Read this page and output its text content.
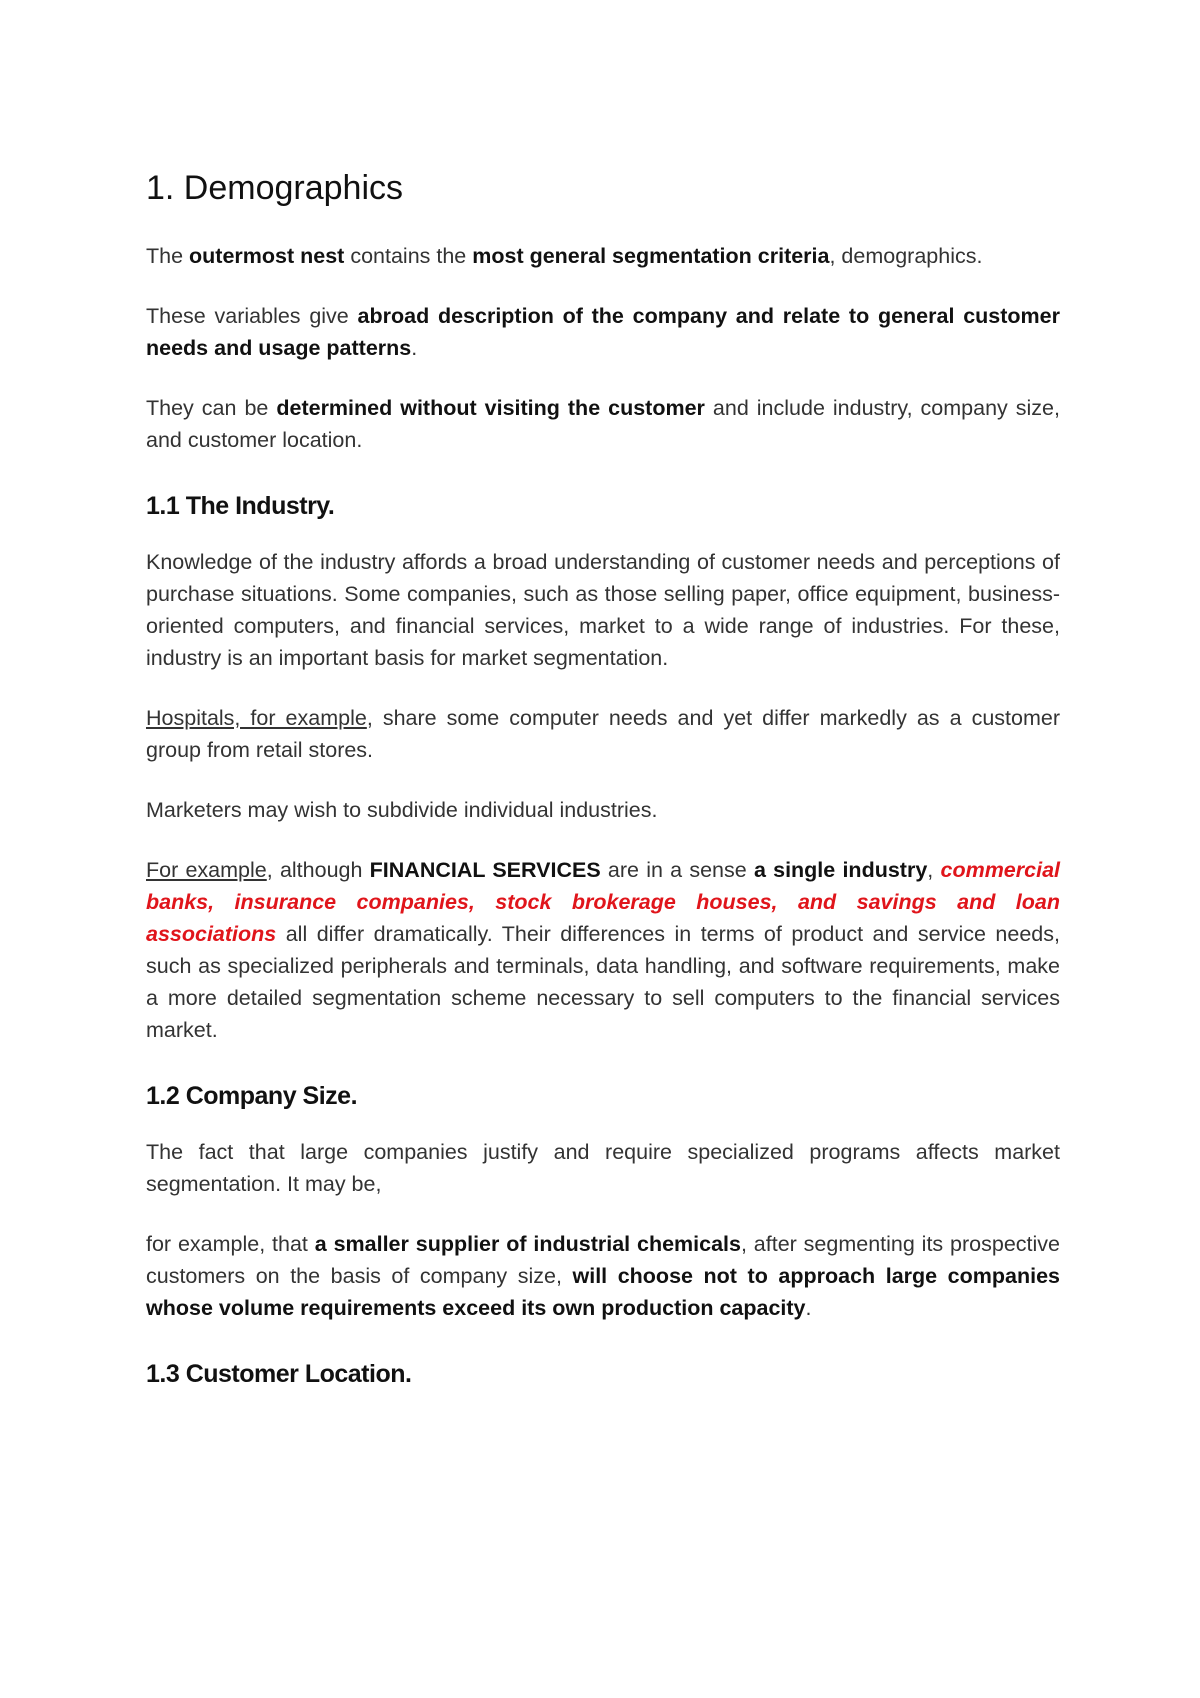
1. Demographics

The outermost nest contains the most general segmentation criteria, demographics.

These variables give abroad description of the company and relate to general customer needs and usage patterns.

They can be determined without visiting the customer and include industry, company size, and customer location.

1.1 The Industry.

Knowledge of the industry affords a broad understanding of customer needs and perceptions of purchase situations. Some companies, such as those selling paper, office equipment, business-oriented computers, and financial services, market to a wide range of industries. For these, industry is an important basis for market segmentation.

Hospitals, for example, share some computer needs and yet differ markedly as a customer group from retail stores.

Marketers may wish to subdivide individual industries.

For example, although FINANCIAL SERVICES are in a sense a single industry, commercial banks, insurance companies, stock brokerage houses, and savings and loan associations all differ dramatically. Their differences in terms of product and service needs, such as specialized peripherals and terminals, data handling, and software requirements, make a more detailed segmentation scheme necessary to sell computers to the financial services market.

1.2 Company Size.

The fact that large companies justify and require specialized programs affects market segmentation. It may be,

for example, that a smaller supplier of industrial chemicals, after segmenting its prospective customers on the basis of company size, will choose not to approach large companies whose volume requirements exceed its own production capacity.

1.3 Customer Location.
